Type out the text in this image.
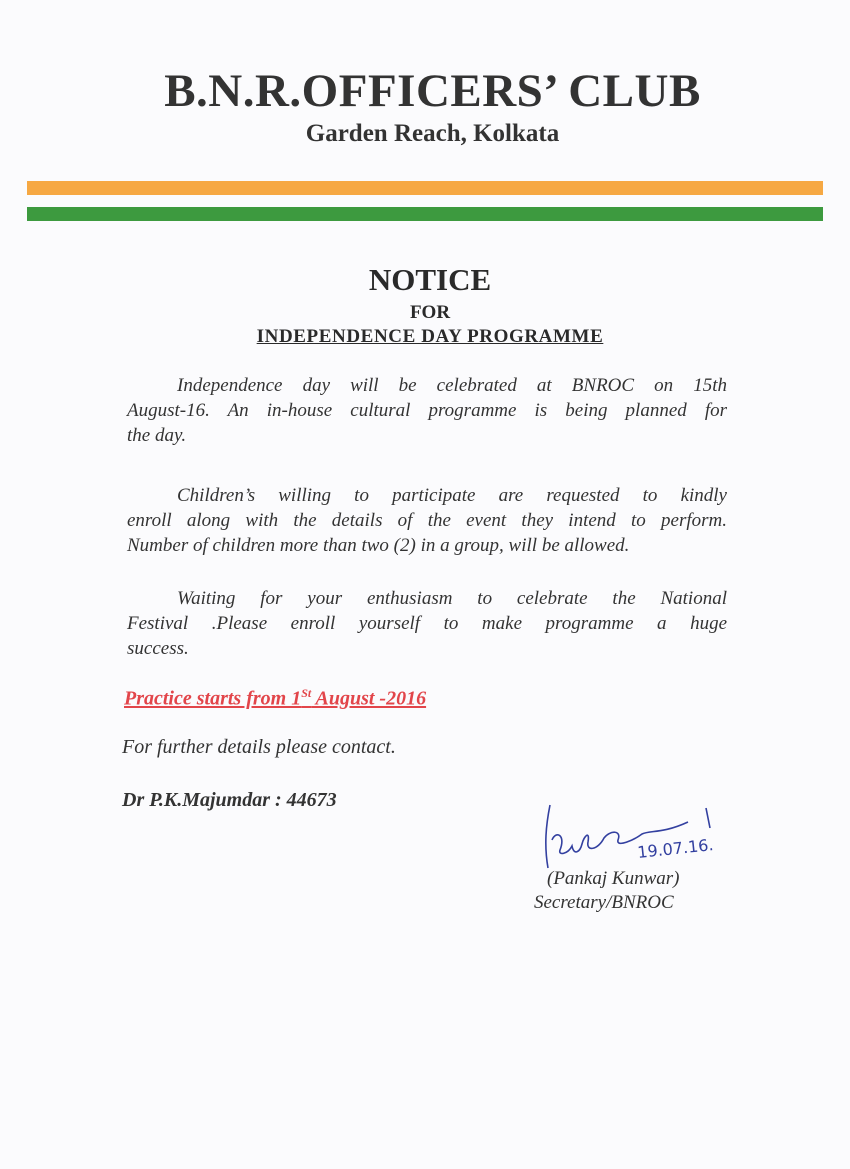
B.N.R.OFFICERS’ CLUB
Garden Reach, Kolkata
NOTICE
FOR
INDEPENDENCE DAY PROGRAMME
Independence day will be celebrated at BNROC on 15th
August-16. An in-house cultural programme is being planned for
the day.
Children’s willing to participate are requested to kindly
enroll along with the details of the event they intend to perform.
Number of children more than two (2) in a group, will be allowed.
Waiting for your enthusiasm to celebrate the National
Festival .Please enroll yourself to make programme a huge
success.
Practice starts from 1St August -2016
For further details please contact.
Dr P.K.Majumdar : 44673
19.07.16.
(Pankaj Kunwar)
Secretary/BNROC
